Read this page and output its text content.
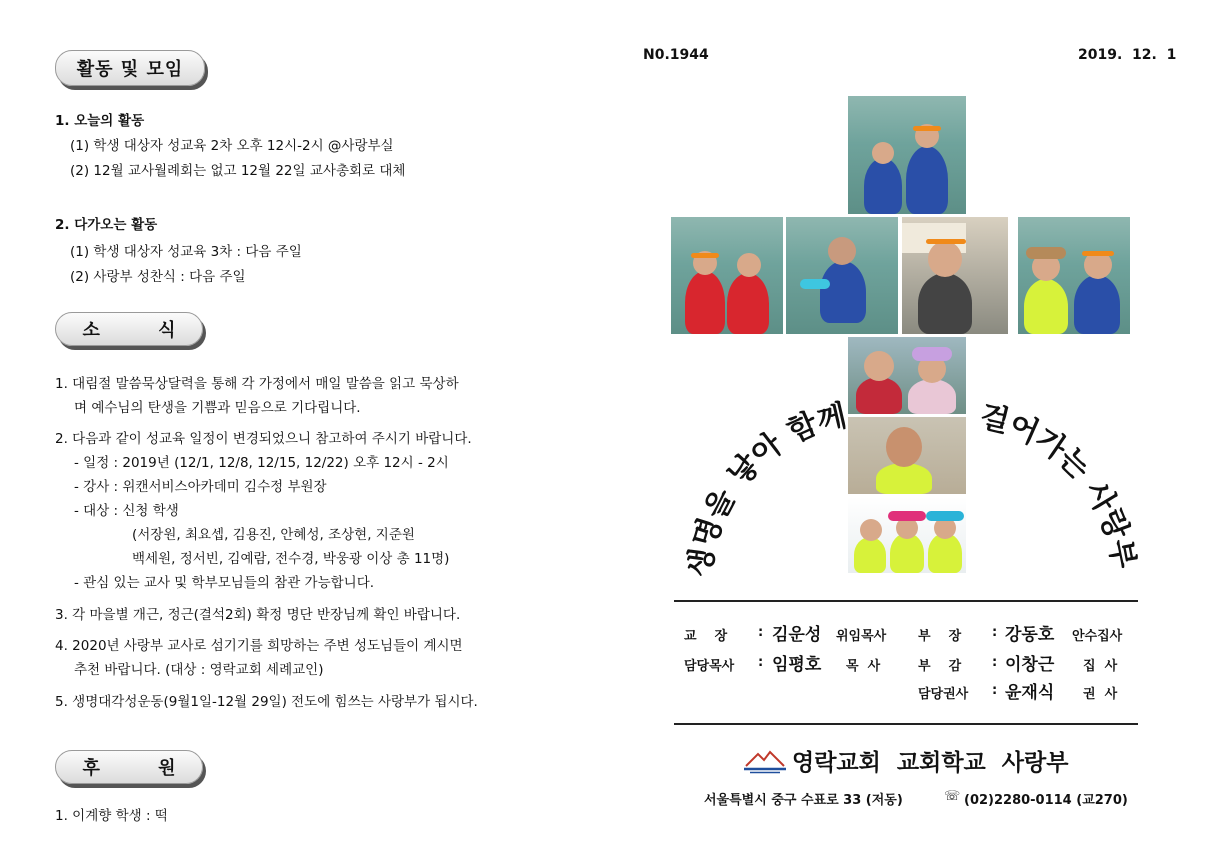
활동 및 모임
1. 오늘의 활동
(1) 학생 대상자 성교육 2차 오후 12시-2시 @사랑부실
(2) 12월 교사월례회는 없고 12월 22일 교사총회로 대체
2. 다가오는 활동
(1) 학생 대상자 성교육 3차 : 다음 주일
(2) 사랑부 성찬식 : 다음 주일
소 식
1. 대림절 말씀묵상달력을 통해 각 가정에서 매일 말씀을 읽고 묵상하
며 예수님의 탄생을 기쁨과 믿음으로 기다립니다.
2. 다음과 같이 성교육 일정이 변경되었으니 참고하여 주시기 바랍니다.
- 일정 : 2019년 (12/1, 12/8, 12/15, 12/22) 오후 12시 - 2시
- 강사 : 위캔서비스아카데미 김수정 부원장
- 대상 : 신청 학생
(서장원, 최요셉, 김용진, 안혜성, 조상현, 지준원
백세원, 정서빈, 김예람, 전수경, 박웅광 이상 총 11명)
- 관심 있는 교사 및 학부모님들의 참관 가능합니다.
3. 각 마을별 개근, 정근(결석2회) 확정 명단 반장님께 확인 바랍니다.
4. 2020년 사랑부 교사로 섬기기를 희망하는 주변 성도님들이 계시면
추천 바랍니다. (대상 : 영락교회 세례교인)
5. 생명대각성운동(9월1일-12월 29일) 전도에 힘쓰는 사랑부가 됩시다.
후 원
1. 이계향 학생 : 떡
N0.1944	2019.  12.  1
생명을 낳아 함께	걸어가는 사랑부
교    장 : 김운성 위임목사
담당목사 : 임평호 목  사
부    장 : 강동호 안수집사
부    감 : 이창근 집  사
담당권사 : 윤재식 권  사
영락교회  교회학교  사랑부
서울특별시 중구 수표로 33 (저동)	☏ (02)2280-0114 (교270)
